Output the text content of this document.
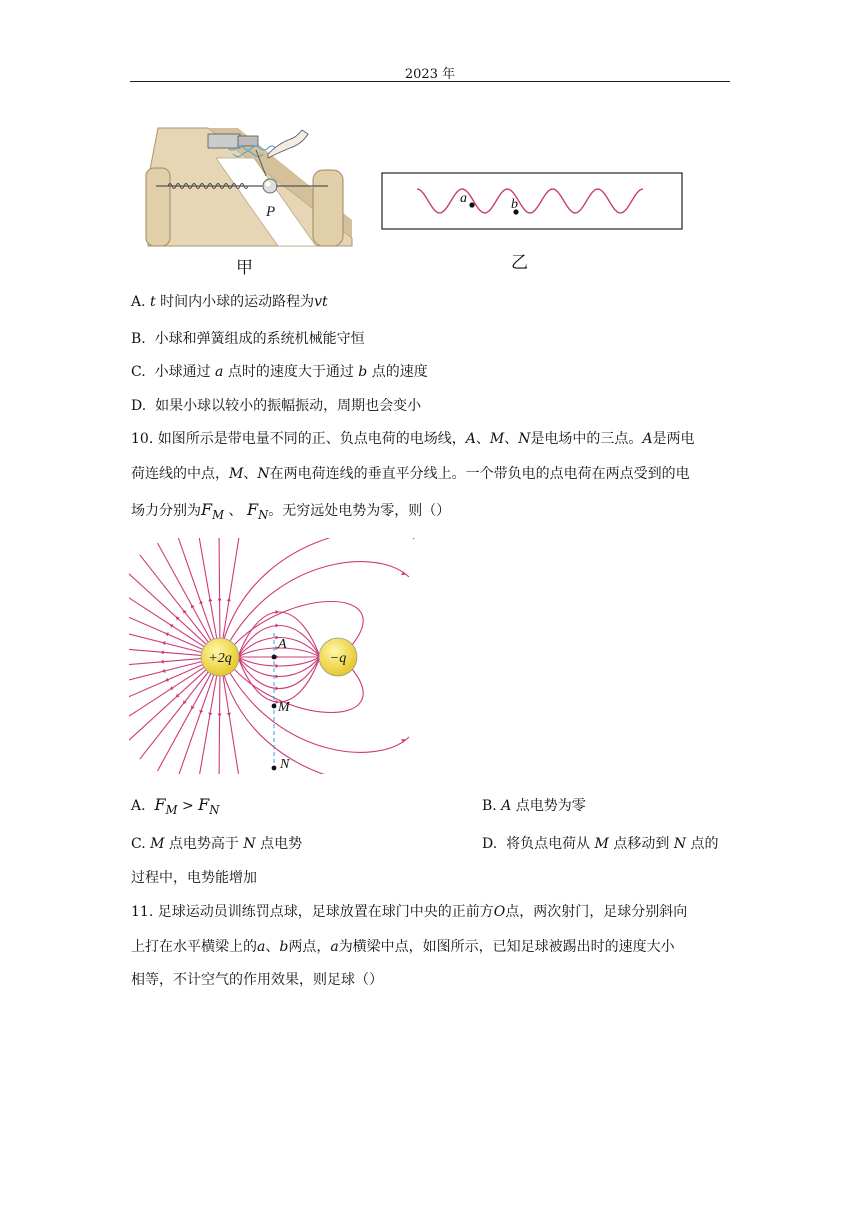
2023 年
P
甲
a	b
乙
A. t 时间内小球的运动路程为vt
B. 小球和弹簧组成的系统机械能守恒
C. 小球通过 a 点时的速度大于通过 b 点的速度
D. 如果小球以较小的振幅振动，周期也会变小
10. 如图所示是带电量不同的正、负点电荷的电场线，A、M、N是电场中的三点。A是两电
荷连线的中点，M、N在两电荷连线的垂直平分线上。一个带负电的点电荷在两点受到的电
场力分别为$F_M$ 、 $F_N$。无穷远处电势为零，则（）
+2q	−q
A
M
N
A. $F_M > F_N$	B. A 点电势为零
C. M 点电势高于 N 点电势	D. 将负点电荷从 M 点移动到 N 点的
过程中，电势能增加
11. 足球运动员训练罚点球，足球放置在球门中央的正前方O点，两次射门，足球分别斜向
上打在水平横梁上的a、b两点，a为横梁中点，如图所示，已知足球被踢出时的速度大小
相等，不计空气的作用效果，则足球（）
